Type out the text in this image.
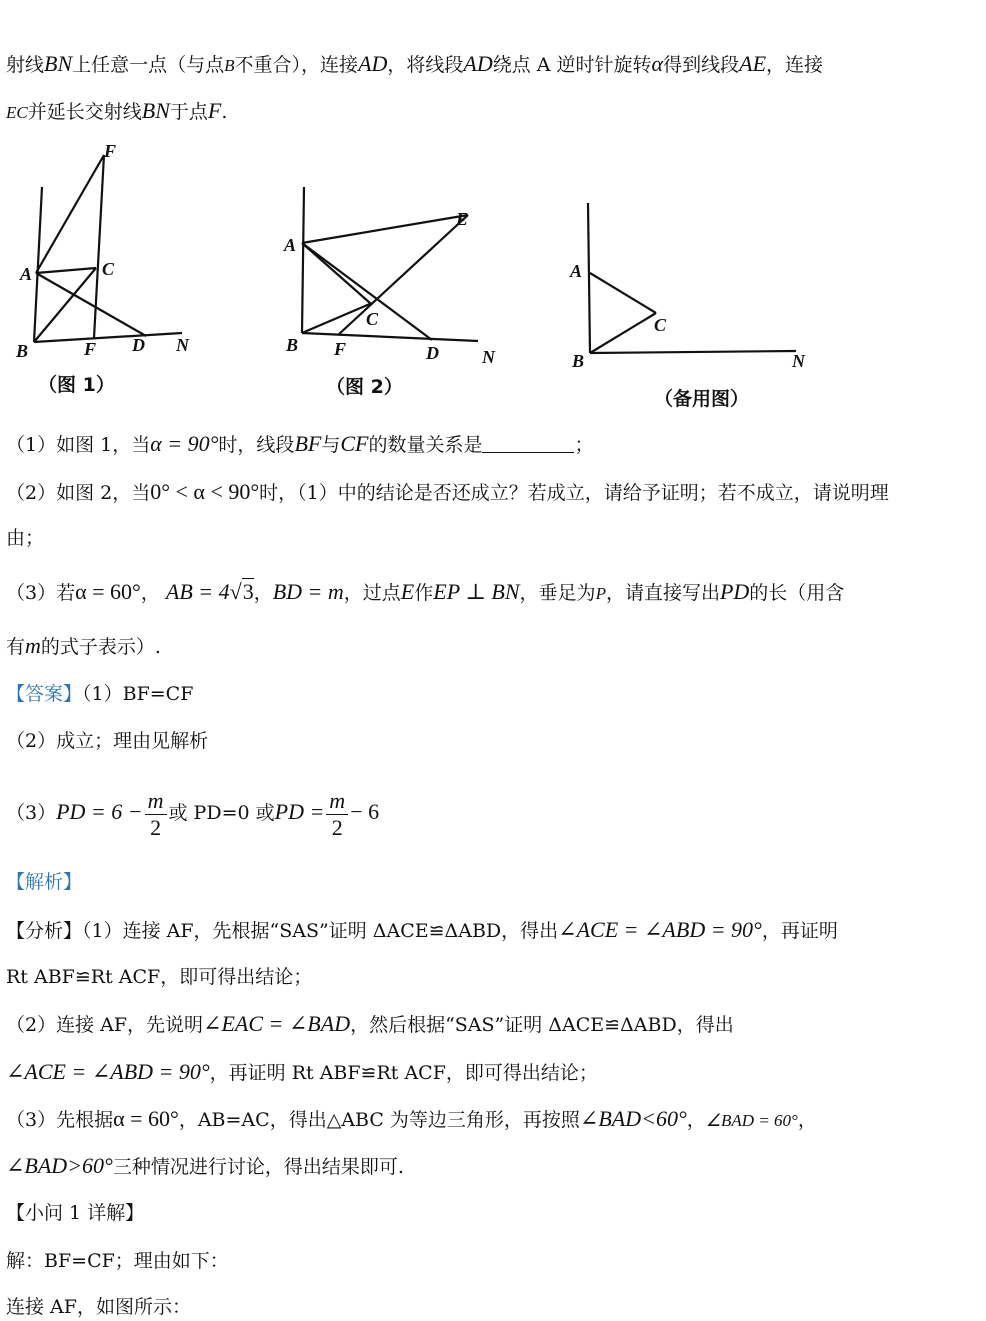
射线BN上任意一点（与点B不重合），连接AD，将线段AD绕点 A 逆时针旋转α得到线段AE，连接
EC并延长交射线BN于点F.
F
A	C
B	F D N
（图 1）
A
E
C
B F	D N
（图 2）
A
C
B	N
（备用图）
（1）如图 1，当α = 90°时，线段BF与CF的数量关系是	；
（2）如图 2，当0° < α < 90°时，（1）中的结论是否还成立？若成立，请给予证明；若不成立，请说明理
由；
（3）若α = 60°， AB = 4√3，BD = m，过点E作EP ⊥ BN，垂足为P，请直接写出PD的长（用含
有m的式子表示）.
【答案】（1）BF=CF
（2）成立；理由见解析
$(3)PD = 6 - \frac{m}{2}$ 或 PD=0 或PD = $\frac{m}{2} - 6$
【解析】
【分析】（1）连接 AF，先根据“SAS”证明 ΔACE≌ΔABD，得出∠ACE = ∠ABD = 90°，再证明
Rt ABF≌Rt ACF，即可得出结论；
（2）连接 AF，先说明∠EAC = ∠BAD，然后根据“SAS”证明 ΔACE≌ΔABD，得出
∠ACE = ∠ABD = 90°，再证明 Rt ABF≌Rt ACF，即可得出结论；
（3）先根据α = 60°，AB=AC，得出△ABC 为等边三角形，再按照∠BAD<60°，∠BAD = 60°，
∠BAD>60°三种情况进行讨论，得出结果即可.
【小问 1 详解】
解：BF=CF；理由如下：
连接 AF，如图所示：
